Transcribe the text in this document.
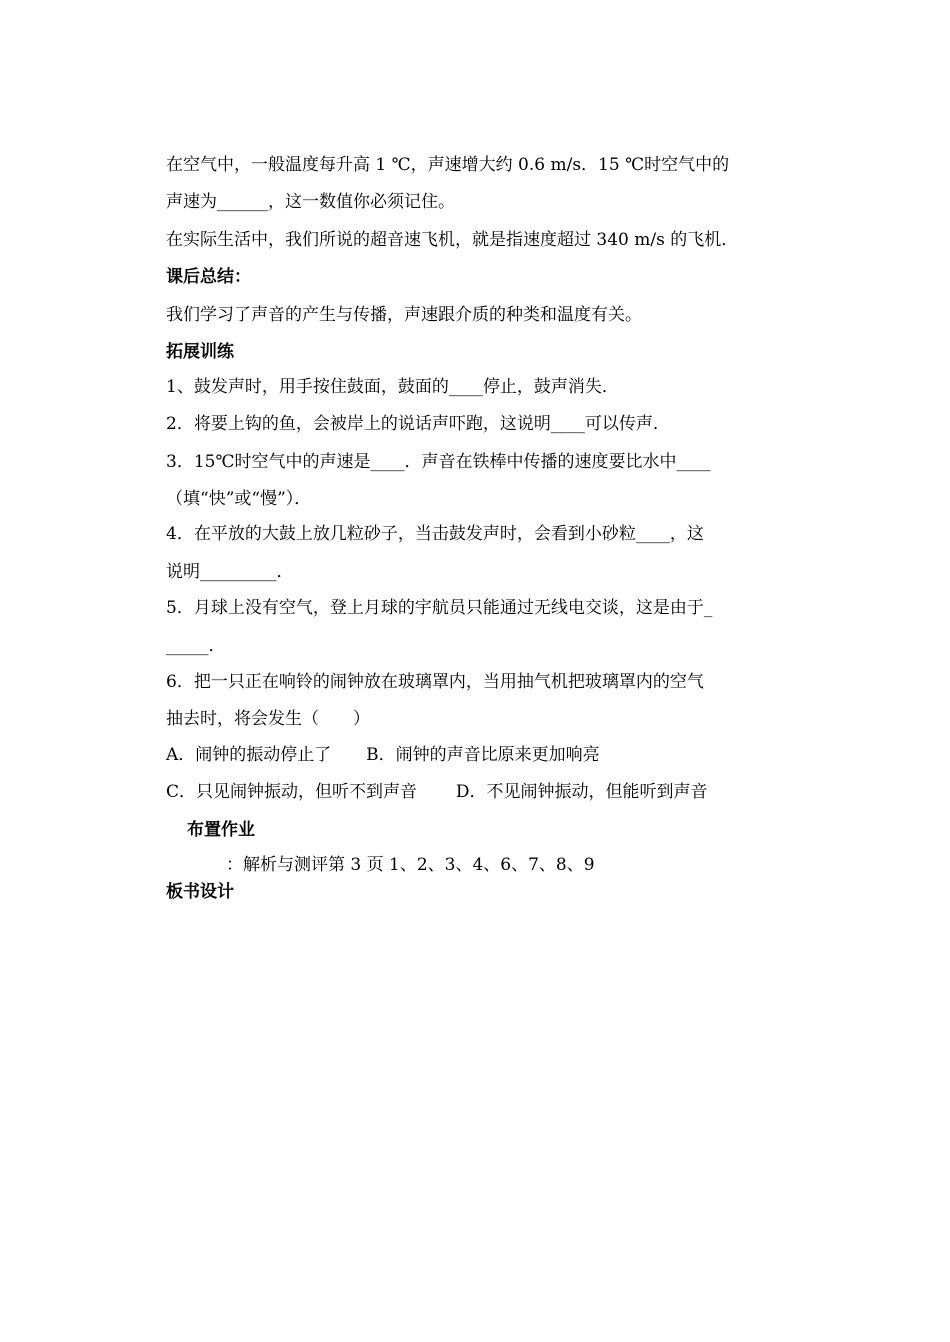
在空气中，一般温度每升高 1 ℃，声速增大约 0.6 m/s．15 ℃时空气中的
声速为______，这一数值你必须记住。
在实际生活中，我们所说的超音速飞机，就是指速度超过 340 m/s 的飞机．
课后总结：
我们学习了声音的产生与传播，声速跟介质的种类和温度有关。
拓展训练
1、鼓发声时，用手按住鼓面，鼓面的____停止，鼓声消失．
2．将要上钩的鱼，会被岸上的说话声吓跑，这说明____可以传声．
3．15℃时空气中的声速是____．声音在铁棒中传播的速度要比水中____
（填“快”或“慢”）．
4．在平放的大鼓上放几粒砂子，当击鼓发声时，会看到小砂粒____，这
说明_________．
5．月球上没有空气，登上月球的宇航员只能通过无线电交谈，这是由于_
_____．
6．把一只正在响铃的闹钟放在玻璃罩内，当用抽气机把玻璃罩内的空气
抽去时，将会发生（　　）
A．闹钟的振动停止了 B．闹钟的声音比原来更加响亮
C．只见闹钟振动，但听不到声音 D．不见闹钟振动，但能听到声音
布置作业
：解析与测评第 3 页 1、2、3、4、6、7、8、9
板书设计
